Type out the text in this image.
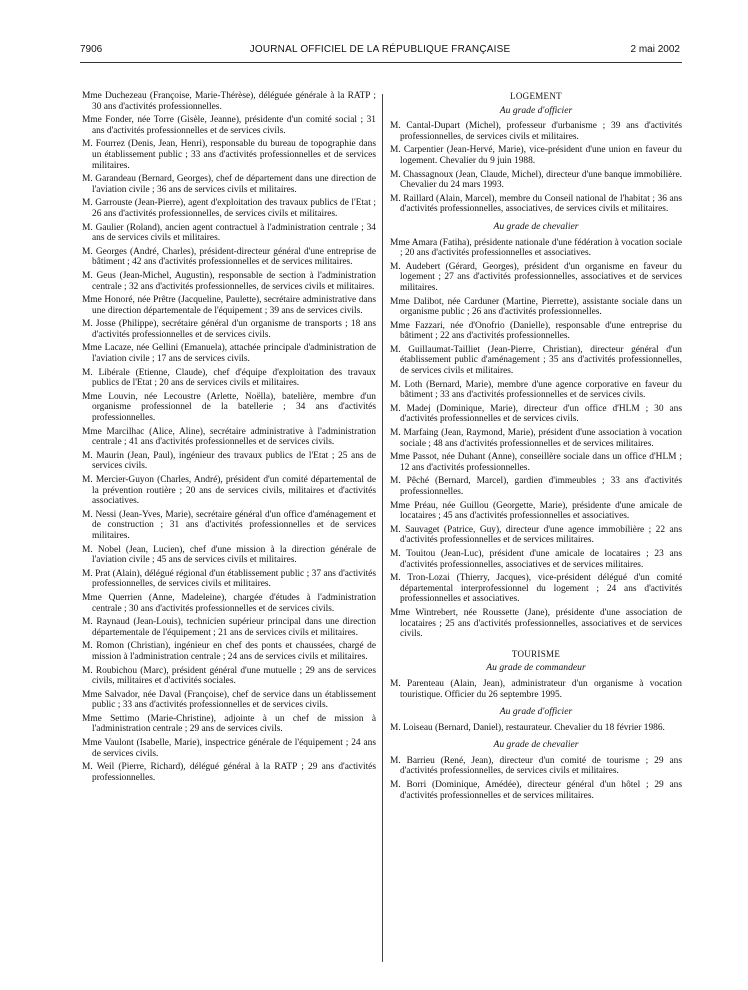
7906	JOURNAL OFFICIEL DE LA RÉPUBLIQUE FRANÇAISE	2 mai 2002

Mme Duchezeau (Françoise, Marie-Thérèse), déléguée générale à la RATP ; 30 ans d'activités professionnelles.

Mme Fonder, née Torre (Gisèle, Jeanne), présidente d'un comité social ; 31 ans d'activités professionnelles et de services civils.

M. Fourrez (Denis, Jean, Henri), responsable du bureau de topographie dans un établissement public ; 33 ans d'activités professionnelles et de services militaires.

M. Garandeau (Bernard, Georges), chef de département dans une direction de l'aviation civile ; 36 ans de services civils et militaires.

M. Garrouste (Jean-Pierre), agent d'exploitation des travaux publics de l'Etat ; 26 ans d'activités professionnelles, de services civils et militaires.

M. Gaulier (Roland), ancien agent contractuel à l'administration centrale ; 34 ans de services civils et militaires.

M. Georges (André, Charles), président-directeur général d'une entreprise de bâtiment ; 42 ans d'activités professionnelles et de services militaires.

M. Geus (Jean-Michel, Augustin), responsable de section à l'administration centrale ; 32 ans d'activités professionnelles, de services civils et militaires.

Mme Honoré, née Prêtre (Jacqueline, Paulette), secrétaire administrative dans une direction départementale de l'équipement ; 39 ans de services civils.

M. Josse (Philippe), secrétaire général d'un organisme de transports ; 18 ans d'activités professionnelles et de services civils.

Mme Lacaze, née Gellini (Emanuela), attachée principale d'administration de l'aviation civile ; 17 ans de services civils.

M. Libérale (Etienne, Claude), chef d'équipe d'exploitation des travaux publics de l'Etat ; 20 ans de services civils et militaires.

Mme Louvin, née Lecoustre (Arlette, Noëlla), batelière, membre d'un organisme professionnel de la batellerie ; 34 ans d'activités professionnelles.

Mme Marcilhac (Alice, Aline), secrétaire administrative à l'administration centrale ; 41 ans d'activités professionnelles et de services civils.

M. Maurin (Jean, Paul), ingénieur des travaux publics de l'Etat ; 25 ans de services civils.

M. Mercier-Guyon (Charles, André), président d'un comité départemental de la prévention routière ; 20 ans de services civils, militaires et d'activités associatives.

M. Nessi (Jean-Yves, Marie), secrétaire général d'un office d'aménagement et de construction ; 31 ans d'activités professionnelles et de services militaires.

M. Nobel (Jean, Lucien), chef d'une mission à la direction générale de l'aviation civile ; 45 ans de services civils et militaires.

M. Prat (Alain), délégué régional d'un établissement public ; 37 ans d'activités professionnelles, de services civils et militaires.

Mme Querrien (Anne, Madeleine), chargée d'études à l'administration centrale ; 30 ans d'activités professionnelles et de services civils.

M. Raynaud (Jean-Louis), technicien supérieur principal dans une direction départementale de l'équipement ; 21 ans de services civils et militaires.

M. Romon (Christian), ingénieur en chef des ponts et chaussées, chargé de mission à l'administration centrale ; 24 ans de services civils et militaires.

M. Roubichou (Marc), président général d'une mutuelle ; 29 ans de services civils, militaires et d'activités sociales.

Mme Salvador, née Daval (Françoise), chef de service dans un établissement public ; 33 ans d'activités professionnelles et de services civils.

Mme Settimo (Marie-Christine), adjointe à un chef de mission à l'administration centrale ; 29 ans de services civils.

Mme Vaulont (Isabelle, Marie), inspectrice générale de l'équipement ; 24 ans de services civils.

M. Weil (Pierre, Richard), délégué général à la RATP ; 29 ans d'activités professionnelles.

LOGEMENT
Au grade d'officier

M. Cantal-Dupart (Michel), professeur d'urbanisme ; 39 ans d'activités professionnelles, de services civils et militaires.

M. Carpentier (Jean-Hervé, Marie), vice-président d'une union en faveur du logement. Chevalier du 9 juin 1988.

M. Chassagnoux (Jean, Claude, Michel), directeur d'une banque immobilière. Chevalier du 24 mars 1993.

M. Raillard (Alain, Marcel), membre du Conseil national de l'habitat ; 36 ans d'activités professionnelles, associatives, de services civils et militaires.

Au grade de chevalier

Mme Amara (Fatiha), présidente nationale d'une fédération à vocation sociale ; 20 ans d'activités professionnelles et associatives.

M. Audebert (Gérard, Georges), président d'un organisme en faveur du logement ; 27 ans d'activités professionnelles, associatives et de services militaires.

Mme Dalibot, née Carduner (Martine, Pierrette), assistante sociale dans un organisme public ; 26 ans d'activités professionnelles.

Mme Fazzari, née d'Onofrio (Danielle), responsable d'une entreprise du bâtiment ; 22 ans d'activités professionnelles.

M. Guillaumat-Tailliet (Jean-Pierre, Christian), directeur général d'un établissement public d'aménagement ; 35 ans d'activités professionnelles, de services civils et militaires.

M. Loth (Bernard, Marie), membre d'une agence corporative en faveur du bâtiment ; 33 ans d'activités professionnelles et de services civils.

M. Madej (Dominique, Marie), directeur d'un office d'HLM ; 30 ans d'activités professionnelles et de services civils.

M. Marfaing (Jean, Raymond, Marie), président d'une association à vocation sociale ; 48 ans d'activités professionnelles et de services militaires.

Mme Passot, née Duhant (Anne), conseillère sociale dans un office d'HLM ; 12 ans d'activités professionnelles.

M. Pêché (Bernard, Marcel), gardien d'immeubles ; 33 ans d'activités professionnelles.

Mme Préau, née Guillou (Georgette, Marie), présidente d'une amicale de locataires ; 45 ans d'activités professionnelles et associatives.

M. Sauvaget (Patrice, Guy), directeur d'une agence immobilière ; 22 ans d'activités professionnelles et de services militaires.

M. Touitou (Jean-Luc), président d'une amicale de locataires ; 23 ans d'activités professionnelles, associatives et de services militaires.

M. Tron-Lozai (Thierry, Jacques), vice-président délégué d'un comité départemental interprofessionnel du logement ; 24 ans d'activités professionnelles et associatives.

Mme Wintrebert, née Roussette (Jane), présidente d'une association de locataires ; 25 ans d'activités professionnelles, associatives et de services civils.

TOURISME
Au grade de commandeur

M. Parenteau (Alain, Jean), administrateur d'un organisme à vocation touristique. Officier du 26 septembre 1995.

Au grade d'officier

M. Loiseau (Bernard, Daniel), restaurateur. Chevalier du 18 février 1986.

Au grade de chevalier

M. Barrieu (René, Jean), directeur d'un comité de tourisme ; 29 ans d'activités professionnelles, de services civils et militaires.

M. Borri (Dominique, Amédée), directeur général d'un hôtel ; 29 ans d'activités professionnelles et de services militaires.
